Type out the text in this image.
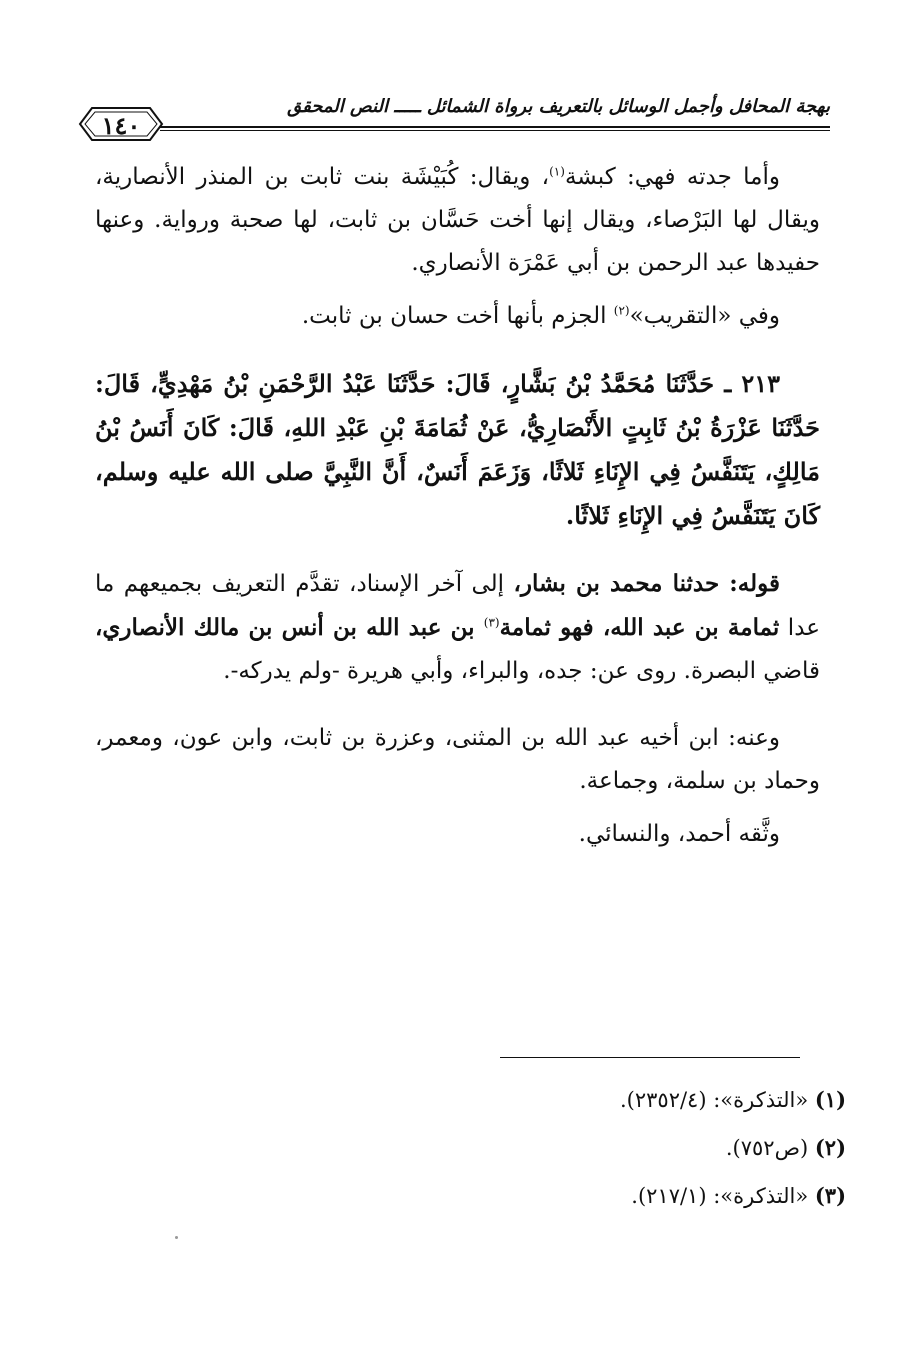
بهجة المحافل وأجمل الوسائل بالتعريف برواة الشمائل ـــــ النص المحقق
١٤٠

وأما جدته فهي: كبشة$^{(١)}$، ويقال: كُبَيْشَة بنت ثابت بن المنذر الأنصارية، ويقال لها البَرْصاء، ويقال إنها أخت حَسَّان بن ثابت، لها صحبة ورواية. وعنها حفيدها عبد الرحمن بن أبي عَمْرَة الأنصاري.

وفي «التقريب»$^{(٢)}$ الجزم بأنها أخت حسان بن ثابت.

٢١٣ ـ حَدَّثَنَا مُحَمَّدُ بْنُ بَشَّارٍ، قَالَ: حَدَّثَنَا عَبْدُ الرَّحْمَنِ بْنُ مَهْدِيٍّ، قَالَ: حَدَّثَنَا عَزْرَةُ بْنُ ثَابِتٍ الأَنْصَارِيُّ، عَنْ ثُمَامَةَ بْنِ عَبْدِ اللهِ، قَالَ: كَانَ أَنَسُ بْنُ مَالِكٍ، يَتَنَفَّسُ فِي الإِنَاءِ ثَلاثًا، وَزَعَمَ أَنَسٌ، أَنَّ النَّبِيَّ صلى الله عليه وسلم، كَانَ يَتَنَفَّسُ فِي الإِنَاءِ ثَلاثًا.

قوله: حدثنا محمد بن بشار، إلى آخر الإسناد، تقدَّم التعريف بجميعهم ما عدا ثمامة بن عبد الله، فهو ثمامة$^{(٣)}$ بن عبد الله بن أنس بن مالك الأنصاري، قاضي البصرة. روى عن: جده، والبراء، وأبي هريرة -ولم يدركه-.

وعنه: ابن أخيه عبد الله بن المثنى، وعزرة بن ثابت، وابن عون، ومعمر، وحماد بن سلمة، وجماعة.

وثَّقه أحمد، والنسائي.

(١) «التذكرة»: (٢٣٥٢/٤).
(٢) (ص٧٥٢).
(٣) «التذكرة»: (٢١٧/١).
